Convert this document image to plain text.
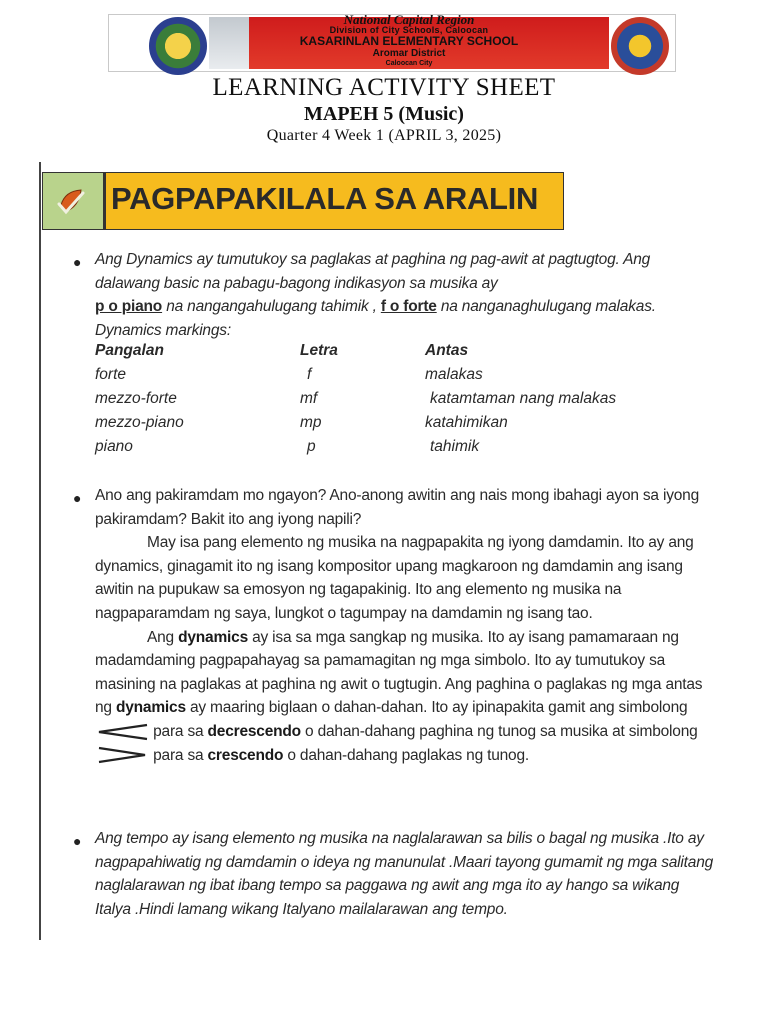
National Capital Region
Division of City Schools, Caloocan
KASARINLAN ELEMENTARY SCHOOL
Aromar District
Caloocan City
LEARNING ACTIVITY SHEET
MAPEH 5 (Music)
Quarter 4 Week 1 (APRIL 3, 2025)
PAGPAPAKILALA SA ARALIN
● Ang Dynamics ay tumutukoy sa paglakas at paghina ng pag-awit at pagtugtog. Ang dalawang basic na pabagu-bagong indikasyon sa musika ay
p o piano na nangangahulugang tahimik , f o forte na nanganaghulugang malakas.
Dynamics markings:
Pangalan	Letra	Antas
forte	f	malakas
mezzo-forte	mf	katamtaman nang malakas
mezzo-piano	mp	katahimikan
piano	p	tahimik
● Ano ang pakiramdam mo ngayon? Ano-anong awitin ang nais mong ibahagi ayon sa iyong pakiramdam? Bakit ito ang iyong napili?
May isa pang elemento ng musika na nagpapakita ng iyong damdamin. Ito ay ang dynamics, ginagamit ito ng isang kompositor upang magkaroon ng damdamin ang isang awitin na pupukaw sa emosyon ng tagapakinig. Ito ang elemento ng musika na nagpaparamdam ng saya, lungkot o tagumpay na damdamin ng isang tao.
Ang dynamics ay isa sa mga sangkap ng musika. Ito ay isang pamamaraan ng madamdaming pagpapahayag sa pamamagitan ng mga simbolo. Ito ay tumutukoy sa masining na paglakas at paghina ng awit o tugtugin. Ang paghina o paglakas ng mga antas ng dynamics ay maaring biglaan o dahan-dahan. Ito ay ipinapakita gamit ang simbolong  para sa decrescendo o dahan-dahang paghina ng tunog sa musika at simbolong  para sa crescendo o dahan-dahang paglakas ng tunog.
● Ang tempo ay isang elemento ng musika na naglalarawan sa bilis o bagal ng musika .Ito ay nagpapahiwatig ng damdamin o ideya ng manunulat .Maari tayong gumamit ng mga salitang naglalarawan ng ibat ibang tempo sa paggawa ng awit ang mga ito ay hango sa wikang Italya .Hindi lamang wikang Italyano mailalarawan ang tempo.
